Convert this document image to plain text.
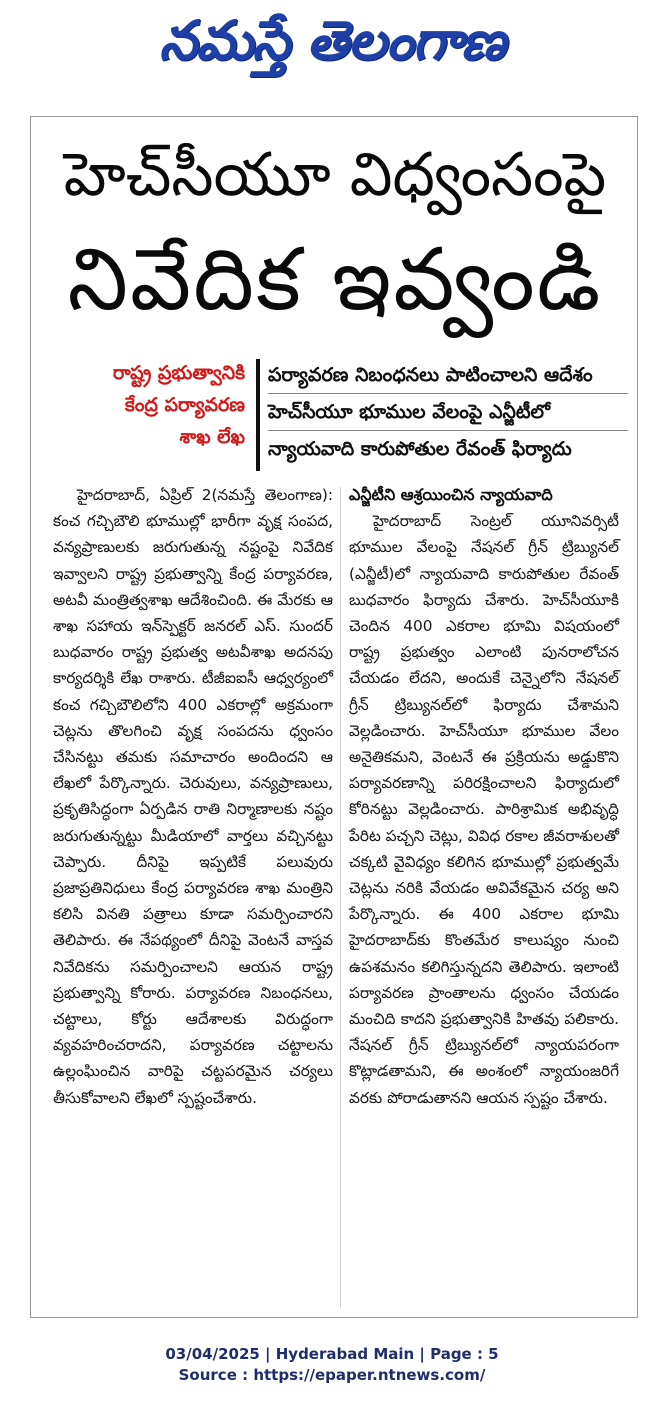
నమస్తే తెలంగాణ
హెచ్‌సీయూ విధ్వంసంపై
నివేదిక ఇవ్వండి
రాష్ట్ర ప్రభుత్వానికి
కేంద్ర పర్యావరణ
శాఖ లేఖ
పర్యావరణ నిబంధనలు పాటించాలని ఆదేశం
హెచ్‌సీయూ భూముల వేలంపై ఎన్జీటీలో
న్యాయవాది కారుపోతుల రేవంత్ ఫిర్యాదు

హైదరాబాద్, ఏప్రిల్ 2(నమస్తే తెలంగాణ): కంచ గచ్చిబౌలి భూముల్లో భారీగా వృక్ష సంపద, వన్యప్రాణులకు జరుగుతున్న నష్టంపై నివేదిక ఇవ్వాలని రాష్ట్ర ప్రభుత్వాన్ని కేంద్ర పర్యావరణ, అటవీ మంత్రిత్వశాఖ ఆదేశించింది. ఈ మేరకు ఆ శాఖ సహాయ ఇన్‌స్పెక్టర్ జనరల్ ఎస్. సుందర్ బుధవారం రాష్ట్ర ప్రభుత్వ అటవీశాఖ అదనపు కార్యదర్శికి లేఖ రాశారు. టీజీఐఐసీ ఆధ్వర్యంలో కంచ గచ్చిబౌలిలోని 400 ఎకరాల్లో అక్రమంగా చెట్లను తొలగించి వృక్ష సంపదను ధ్వంసం చేసినట్టు తమకు సమాచారం అందిందని ఆ లేఖలో పేర్కొన్నారు. చెరువులు, వన్యప్రాణులు, ప్రకృతిసిద్ధంగా ఏర్పడిన రాతి నిర్మాణాలకు నష్టం జరుగుతున్నట్టు మీడియాలో వార్తలు వచ్చినట్టు చెప్పారు. దీనిపై ఇప్పటికే పలువురు ప్రజాప్రతినిధులు కేంద్ర పర్యావరణ శాఖ మంత్రిని కలిసి వినతి పత్రాలు కూడా సమర్పించారని తెలిపారు. ఈ నేపథ్యంలో దీనిపై వెంటనే వాస్తవ నివేదికను సమర్పించాలని ఆయన రాష్ట్ర ప్రభుత్వాన్ని కోరారు. పర్యావరణ నిబంధనలు, చట్టాలు, కోర్టు ఆదేశాలకు విరుద్ధంగా వ్యవహరించరాదని, పర్యావరణ చట్టాలను ఉల్లంఘించిన వారిపై చట్టపరమైన చర్యలు తీసుకోవాలని లేఖలో స్పష్టంచేశారు.

ఎన్జీటీని ఆశ్రయించిన న్యాయవాది

హైదరాబాద్ సెంట్రల్ యూనివర్సిటీ భూముల వేలంపై నేషనల్ గ్రీన్ ట్రిబ్యునల్ (ఎన్జీటీ)లో న్యాయవాది కారుపోతుల రేవంత్ బుధవారం ఫిర్యాదు చేశారు. హెచ్‌సీయూకి చెందిన 400 ఎకరాల భూమి విషయంలో రాష్ట్ర ప్రభుత్వం ఎలాంటి పునరాలోచన చేయడం లేదని, అందుకే చెన్నైలోని నేషనల్ గ్రీన్ ట్రిబ్యునల్‌లో ఫిర్యాదు చేశామని వెల్లడించారు. హెచ్‌సీయూ భూముల వేలం అనైతికమని, వెంటనే ఈ ప్రక్రియను అడ్డుకొని పర్యావరణాన్ని పరిరక్షించాలని ఫిర్యాదులో కోరినట్టు వెల్లడించారు. పారిశ్రామిక అభివృద్ధి పేరిట పచ్చని చెట్లు, వివిధ రకాల జీవరాశులతో చక్కటి వైవిధ్యం కలిగిన భూముల్లో ప్రభుత్వమే చెట్లను నరికి వేయడం అవివేకమైన చర్య అని పేర్కొన్నారు. ఈ 400 ఎకరాల భూమి హైదరాబాద్‌కు కొంతమేర కాలుష్యం నుంచి ఉపశమనం కలిగిస్తున్నదని తెలిపారు. ఇలాంటి పర్యావరణ ప్రాంతాలను ధ్వంసం చేయడం మంచిది కాదని ప్రభుత్వానికి హితవు పలికారు. నేషనల్ గ్రీన్ ట్రిబ్యునల్‌లో న్యాయపరంగా కొట్లాడతామని, ఈ అంశంలో న్యాయంజరిగే వరకు పోరాడుతానని ఆయన స్పష్టం చేశారు.

03/04/2025 | Hyderabad Main | Page : 5
Source : https://epaper.ntnews.com/
